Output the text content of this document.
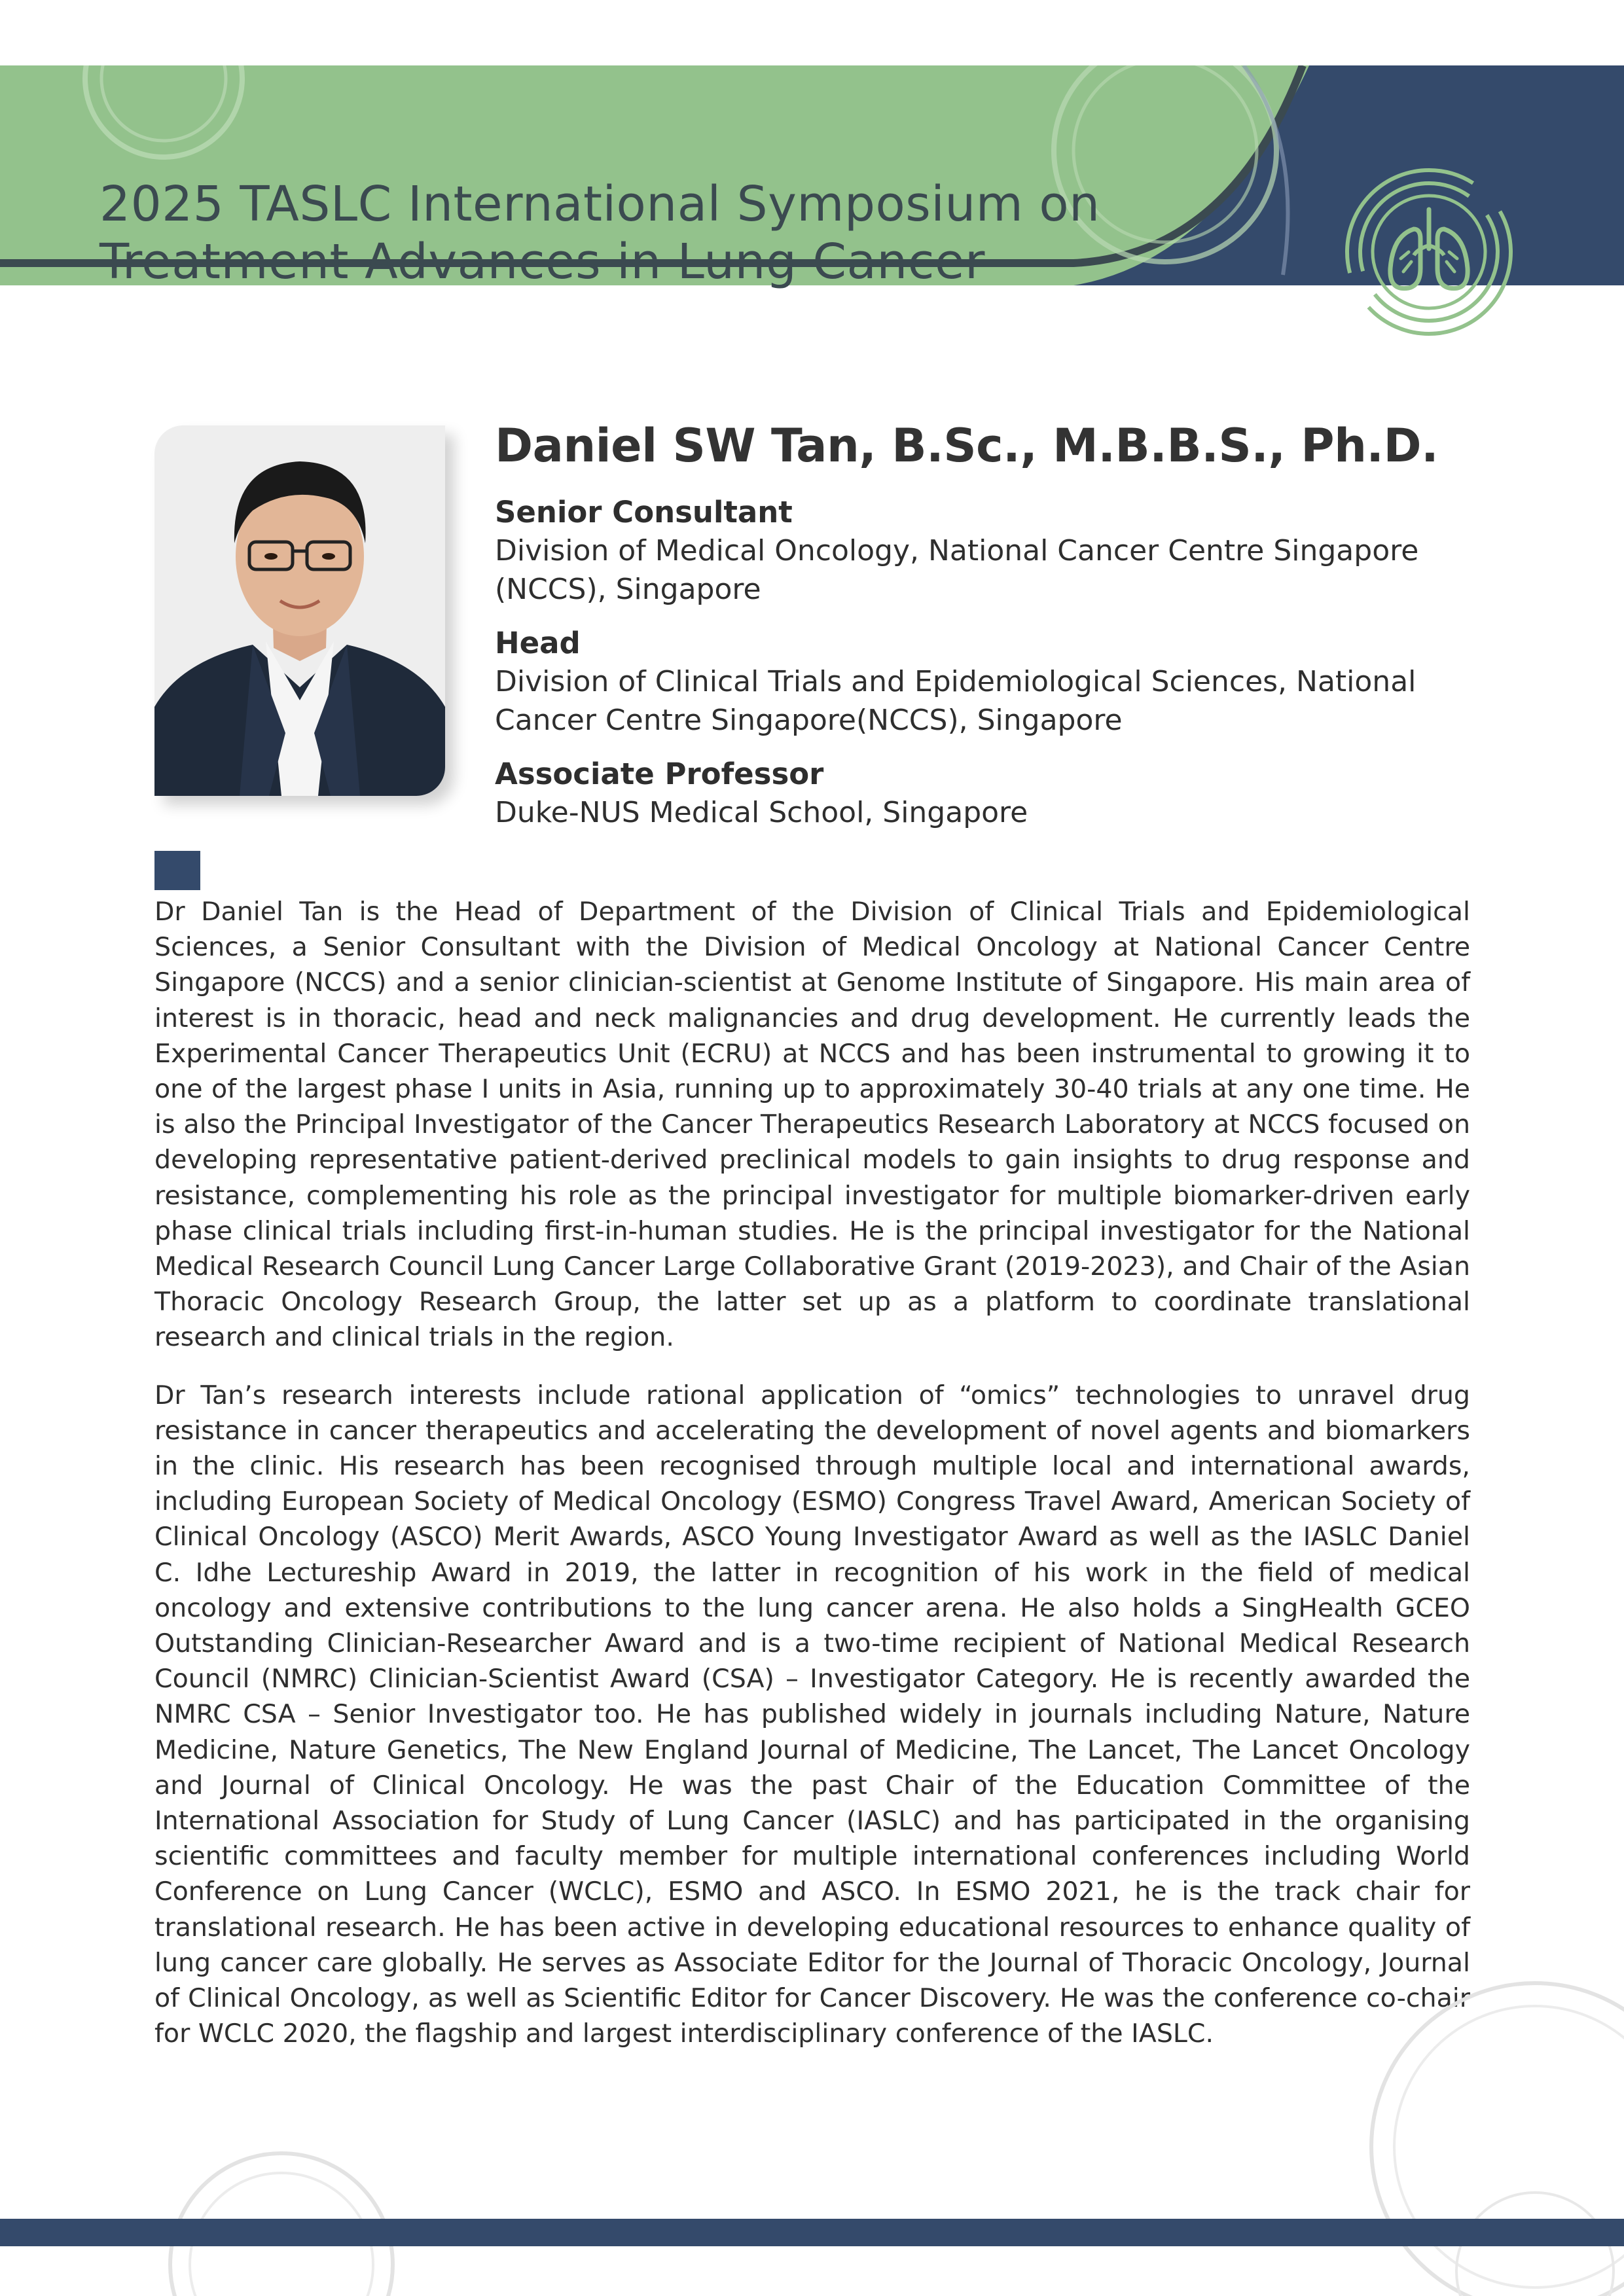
2025 TASLC International Symposium on
Treatment Advances in Lung Cancer
Daniel SW Tan, B.Sc., M.B.B.S., Ph.D.
Senior Consultant
Division of Medical Oncology, National Cancer Centre Singapore (NCCS), Singapore
Head
Division of Clinical Trials and Epidemiological Sciences, National Cancer Centre Singapore(NCCS), Singapore
Associate Professor
Duke-NUS Medical School, Singapore

Dr Daniel Tan is the Head of Department of the Division of Clinical Trials and Epidemiological Sciences, a Senior Consultant with the Division of Medical Oncology at National Cancer Centre Singapore (NCCS) and a senior clinician-scientist at Genome Institute of Singapore. His main area of interest is in thoracic, head and neck malignancies and drug development. He currently leads the Experimental Cancer Therapeutics Unit (ECRU) at NCCS and has been instrumental to growing it to one of the largest phase I units in Asia, running up to approximately 30-40 trials at any one time. He is also the Principal Investigator of the Cancer Therapeutics Research Laboratory at NCCS focused on developing representative patient-derived preclinical models to gain insights to drug response and resistance, complementing his role as the principal investigator for multiple biomarker-driven early phase clinical trials including first-in-human studies. He is the principal investigator for the National Medical Research Council Lung Cancer Large Collaborative Grant (2019-2023), and Chair of the Asian Thoracic Oncology Research Group, the latter set up as a platform to coordinate translational research and clinical trials in the region.

Dr Tan’s research interests include rational application of “omics” technologies to unravel drug resistance in cancer therapeutics and accelerating the development of novel agents and biomarkers in the clinic. His research has been recognised through multiple local and international awards, including European Society of Medical Oncology (ESMO) Congress Travel Award, American Society of Clinical Oncology (ASCO) Merit Awards, ASCO Young Investigator Award as well as the IASLC Daniel C. Idhe Lectureship Award in 2019, the latter in recognition of his work in the field of medical oncology and extensive contributions to the lung cancer arena. He also holds a SingHealth GCEO Outstanding Clinician-Researcher Award and is a two-time recipient of National Medical Research Council (NMRC) Clinician-Scientist Award (CSA) – Investigator Category. He is recently awarded the NMRC CSA – Senior Investigator too. He has published widely in journals including Nature, Nature Medicine, Nature Genetics, The New England Journal of Medicine, The Lancet, The Lancet Oncology and Journal of Clinical Oncology. He was the past Chair of the Education Committee of the International Association for Study of Lung Cancer (IASLC) and has participated in the organising scientific committees and faculty member for multiple international conferences including World Conference on Lung Cancer (WCLC), ESMO and ASCO. In ESMO 2021, he is the track chair for translational research. He has been active in developing educational resources to enhance quality of lung cancer care globally. He serves as Associate Editor for the Journal of Thoracic Oncology, Journal of Clinical Oncology, as well as Scientific Editor for Cancer Discovery. He was the conference co-chair for WCLC 2020, the flagship and largest interdisciplinary conference of the IASLC.
